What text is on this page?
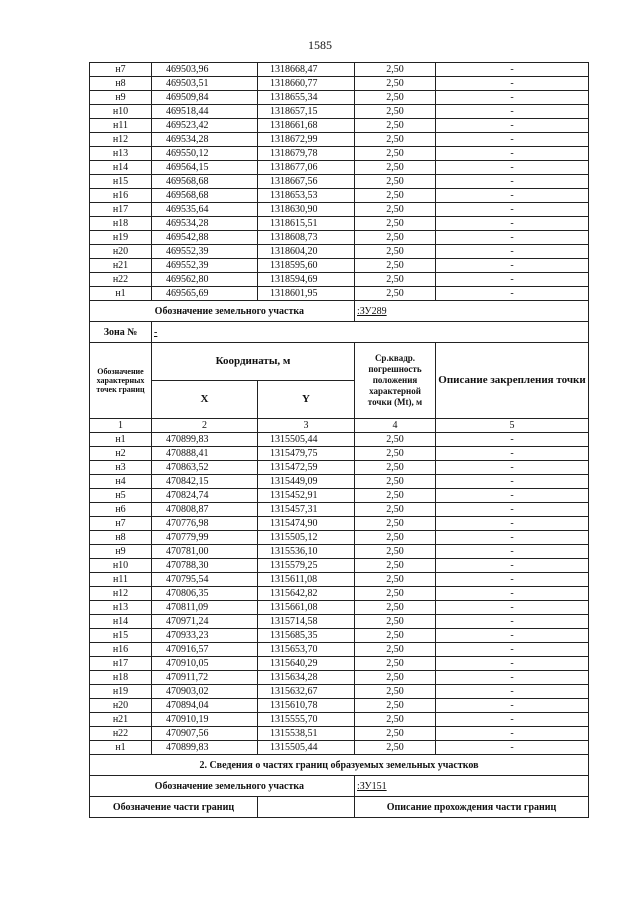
1585
н7	469503,96	1318668,47	2,50	-
н8	469503,51	1318660,77	2,50	-
н9	469509,84	1318655,34	2,50	-
н10	469518,44	1318657,15	2,50	-
н11	469523,42	1318661,68	2,50	-
н12	469534,28	1318672,99	2,50	-
н13	469550,12	1318679,78	2,50	-
н14	469564,15	1318677,06	2,50	-
н15	469568,68	1318667,56	2,50	-
н16	469568,68	1318653,53	2,50	-
н17	469535,64	1318630,90	2,50	-
н18	469534,28	1318615,51	2,50	-
н19	469542,88	1318608,73	2,50	-
н20	469552,39	1318604,20	2,50	-
н21	469552,39	1318595,60	2,50	-
н22	469562,80	1318594,69	2,50	-
н1	469565,69	1318601,95	2,50	-
Обозначение земельного участка			:ЗУ289	
Зона №	-			
Обозначение характерных точек границ	Координаты, м		Ср.квадр. погрешность положения характерной точки (Mt), м	Описание закрепления точки
	X	Y		
1	2	3	4	5
н1	470899,83	1315505,44	2,50	-
н2	470888,41	1315479,75	2,50	-
н3	470863,52	1315472,59	2,50	-
н4	470842,15	1315449,09	2,50	-
н5	470824,74	1315452,91	2,50	-
н6	470808,87	1315457,31	2,50	-
н7	470776,98	1315474,90	2,50	-
н8	470779,99	1315505,12	2,50	-
н9	470781,00	1315536,10	2,50	-
н10	470788,30	1315579,25	2,50	-
н11	470795,54	1315611,08	2,50	-
н12	470806,35	1315642,82	2,50	-
н13	470811,09	1315661,08	2,50	-
н14	470971,24	1315714,58	2,50	-
н15	470933,23	1315685,35	2,50	-
н16	470916,57	1315653,70	2,50	-
н17	470910,05	1315640,29	2,50	-
н18	470911,72	1315634,28	2,50	-
н19	470903,02	1315632,67	2,50	-
н20	470894,04	1315610,78	2,50	-
н21	470910,19	1315555,70	2,50	-
н22	470907,56	1315538,51	2,50	-
н1	470899,83	1315505,44	2,50	-
2. Сведения о частях границ образуемых земельных участков				
Обозначение земельного участка			:ЗУ151	
Обозначение части границ			Описание прохождения части границ	
